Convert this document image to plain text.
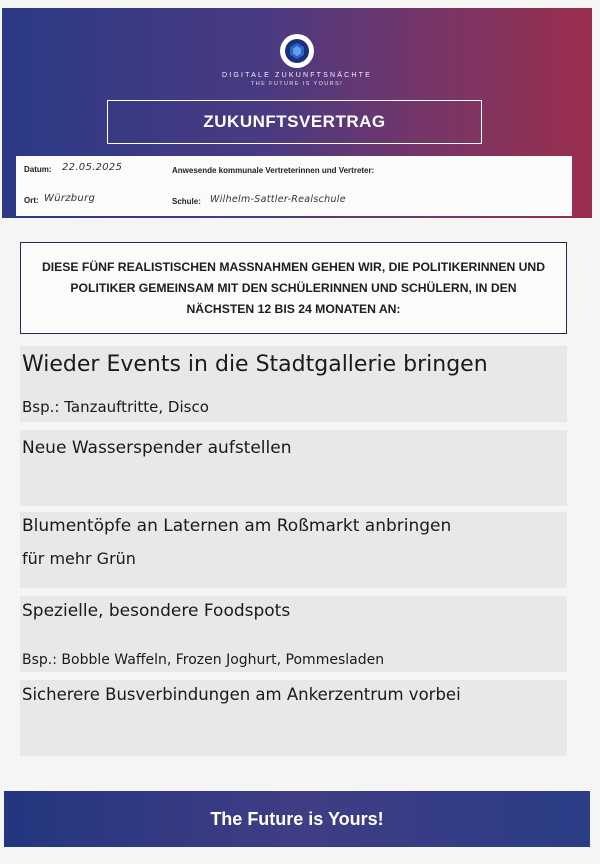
DIGITALE ZUKUNFTSNÄCHTE
THE FUTURE IS YOURS!
ZUKUNFTSVERTRAG
Datum: 22.05.2025
Ort: Würzburg
Anwesende kommunale Vertreterinnen und Vertreter:
Schule: Wilhelm-Sattler-Realschule

DIESE FÜNF REALISTISCHEN MASSNAHMEN GEHEN WIR, DIE POLITIKERINNEN UND POLITIKER GEMEINSAM MIT DEN SCHÜLERINNEN UND SCHÜLERN, IN DEN NÄCHSTEN 12 BIS 24 MONATEN AN:

Wieder Events in die Stadtgallerie bringen
Bsp.: Tanzauftritte, Disco
Neue Wasserspender aufstellen
Blumentöpfe an Laternen am Roßmarkt anbringen
für mehr Grün
Spezielle, besondere Foodspots
Bsp.: Bobble Waffeln, Frozen Joghurt, Pommesladen
Sicherere Busverbindungen am Ankerzentrum vorbei
The Future is Yours!
